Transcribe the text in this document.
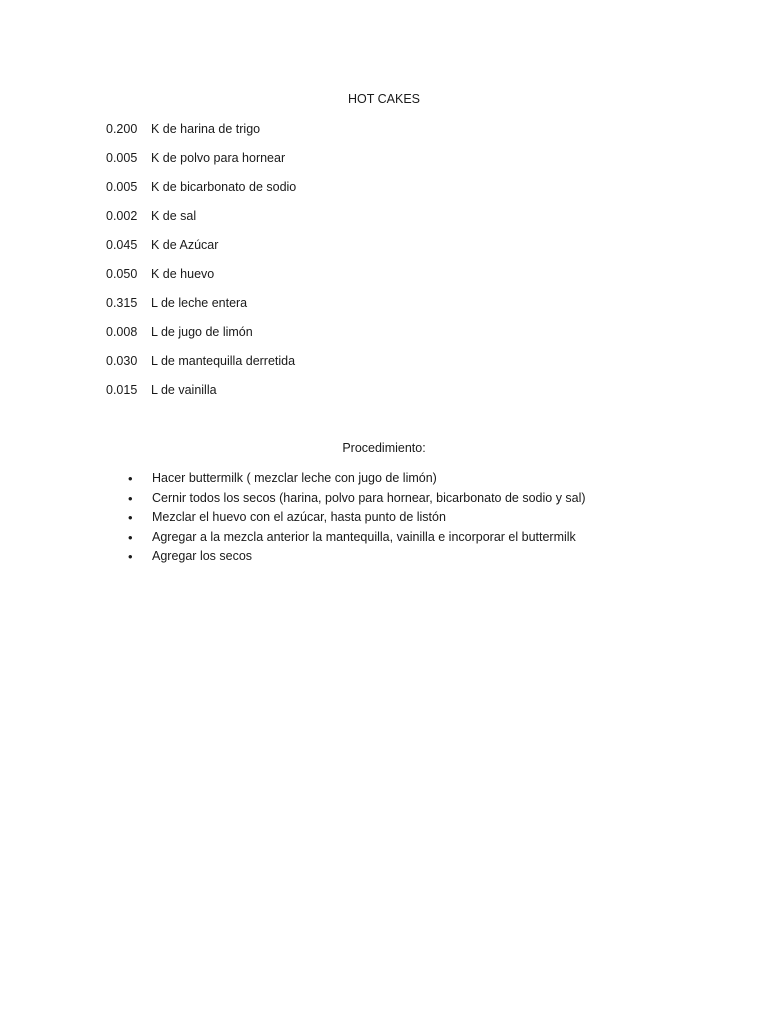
HOT CAKES
0.200 K de harina de trigo
0.005 K de polvo para hornear
0.005 K de bicarbonato de sodio
0.002 K de sal
0.045 K de Azúcar
0.050 K de huevo
0.315 L de leche entera
0.008 L de jugo de limón
0.030 L de mantequilla derretida
0.015 L de vainilla
Procedimiento:
• Hacer buttermilk ( mezclar leche con jugo de limón)
• Cernir todos los secos (harina, polvo para hornear, bicarbonato de sodio y sal)
• Mezclar el huevo con el azúcar, hasta punto de listón
• Agregar a la mezcla anterior la mantequilla, vainilla e incorporar el buttermilk
• Agregar los secos
